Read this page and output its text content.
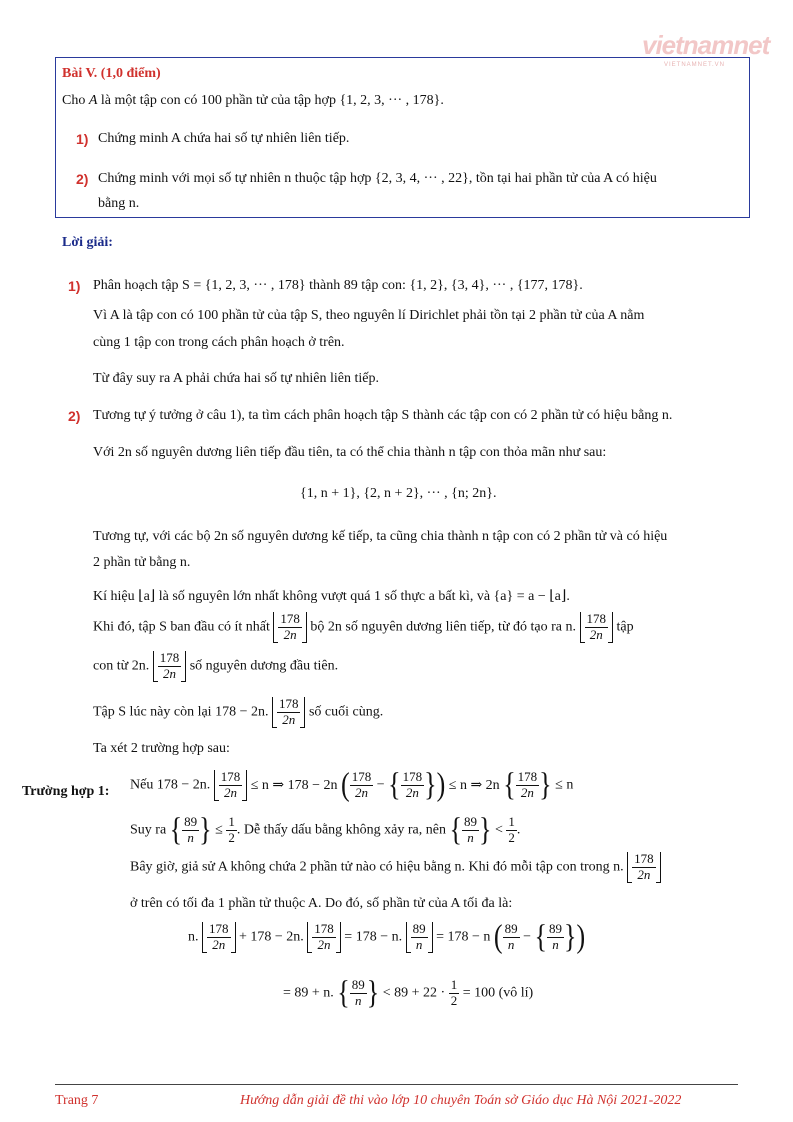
vietnamnet
VIETNAMNET.VN
Bài V. (1,0 điểm)
Cho A là một tập con có 100 phần tử của tập hợp {1, 2, 3, ··· , 178}.
1) Chứng minh A chứa hai số tự nhiên liên tiếp.
2) Chứng minh với mọi số tự nhiên n thuộc tập hợp {2, 3, 4, ··· , 22}, tồn tại hai phần tử của A có hiệu
bằng n.
Lời giải:
1) Phân hoạch tập S = {1, 2, 3, ··· , 178} thành 89 tập con: {1, 2}, {3, 4}, ··· , {177, 178}.
Vì A là tập con có 100 phần tử của tập S, theo nguyên lí Dirichlet phải tồn tại 2 phần tử của A nằm
cùng 1 tập con trong cách phân hoạch ở trên.
Từ đây suy ra A phải chứa hai số tự nhiên liên tiếp.
2) Tương tự ý tưởng ở câu 1), ta tìm cách phân hoạch tập S thành các tập con có 2 phần tử có hiệu bằng n.
Với 2n số nguyên dương liên tiếp đầu tiên, ta có thể chia thành n tập con thỏa mãn như sau:
{1, n + 1}, {2, n + 2}, ··· , {n; 2n}.
Tương tự, với các bộ 2n số nguyên dương kế tiếp, ta cũng chia thành n tập con có 2 phần tử và có hiệu
2 phần tử bằng n.
Kí hiệu ⌊a⌋ là số nguyên lớn nhất không vượt quá 1 số thực a bất kì, và {a} = a − ⌊a⌋.
Khi đó, tập S ban đầu có ít nhất $\frac{178}{2n}$ bộ 2n số nguyên dương liên tiếp, từ đó tạo ra n. $\frac{178}{2n}$ tập
con từ 2n. $\frac{178}{2n}$ số nguyên dương đầu tiên.
Tập S lúc này còn lại 178 − 2n. $\frac{178}{2n}$ số cuối cùng.
Ta xét 2 trường hợp sau:
Trường hợp 1: Nếu 178 − 2n. $\frac{178}{2n} \le n$ ⇒ 178 − 2n ( $\frac{178}{2n}$ − { $\frac{178}{2n}$ }) ≤ n ⇒ 2n { $\frac{178}{2n}$ } ≤ n
Suy ra { $\frac{89}{n}$ } ≤ $\frac{1}{2}$ . Dễ thấy dấu bằng không xảy ra, nên { $\frac{89}{n}$ } < $\frac{1}{2}$ .
Bây giờ, giả sử A không chứa 2 phần tử nào có hiệu bằng n. Khi đó mỗi tập con trong n. $\frac{178}{2n}$
ở trên có tối đa 1 phần tử thuộc A. Do đó, số phần tử của A tối đa là:
n. $\frac{178}{2n} + 178 - 2n$. $\frac{178}{2n} = 178 - n$. $\frac{89}{n} = 178 - n$ ( $\frac{89}{n}$ − { $\frac{89}{n}$ })
= 89 + n. { $\frac{89}{n}$ } < $89 + 22 \cdot \frac{1}{2} = 100$ (vô lí)
Trang 7	Hướng dẫn giải đề thi vào lớp 10 chuyên Toán sở Giáo dục Hà Nội 2021-2022
